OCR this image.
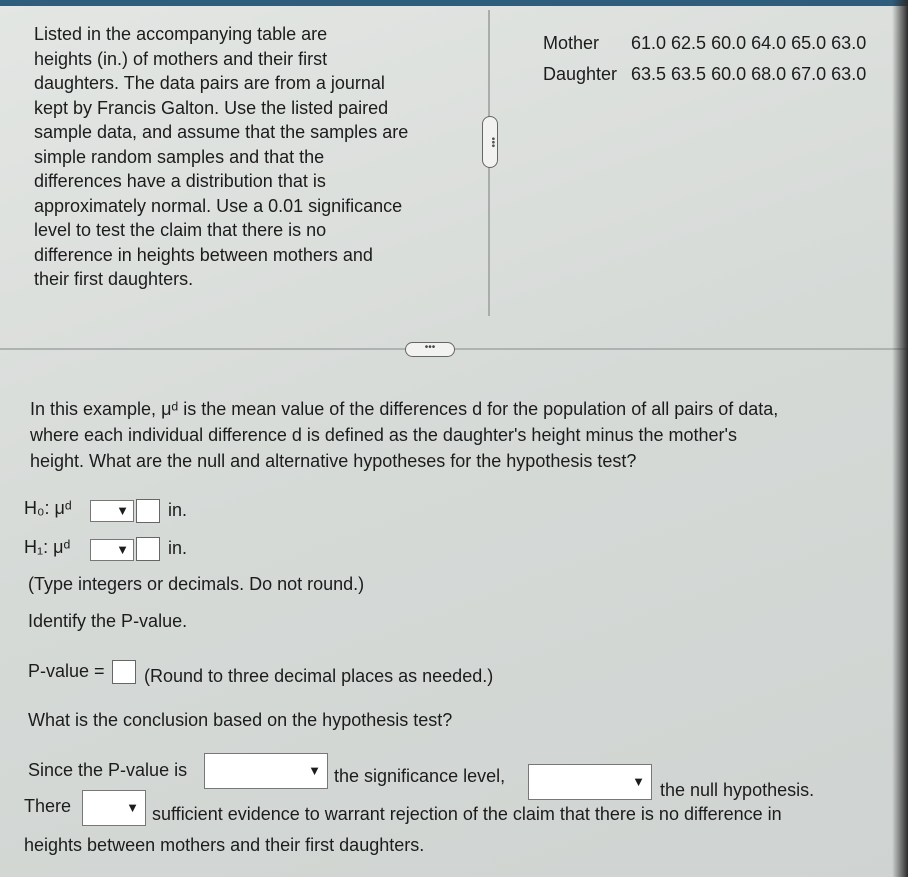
Listed in the accompanying table are
heights (in.) of mothers and their first
daughters. The data pairs are from a journal
kept by Francis Galton. Use the listed paired
sample data, and assume that the samples are
simple random samples and that the
differences have a distribution that is
approximately normal. Use a 0.01 significance
level to test the claim that there is no
difference in heights between mothers and
their first daughters.
•••
Mother 61.0 62.5 60.0 64.0 65.0 63.0
Daughter 63.5 63.5 60.0 68.0 67.0 63.0
•••
In this example, μᵈ is the mean value of the differences d for the population of all pairs of data,
where each individual difference d is defined as the daughter's height minus the mother's
height. What are the null and alternative hypotheses for the hypothesis test?
H₀: μᵈ	▼ in.
H₁: μᵈ	▼ in.
(Type integers or decimals. Do not round.)
Identify the P-value.
P-value = (Round to three decimal places as needed.)
What is the conclusion based on the hypothesis test?
Since the P-value is	▼ the significance level,	▼ the null hypothesis.
There	▼ sufficient evidence to warrant rejection of the claim that there is no difference in
heights between mothers and their first daughters.
